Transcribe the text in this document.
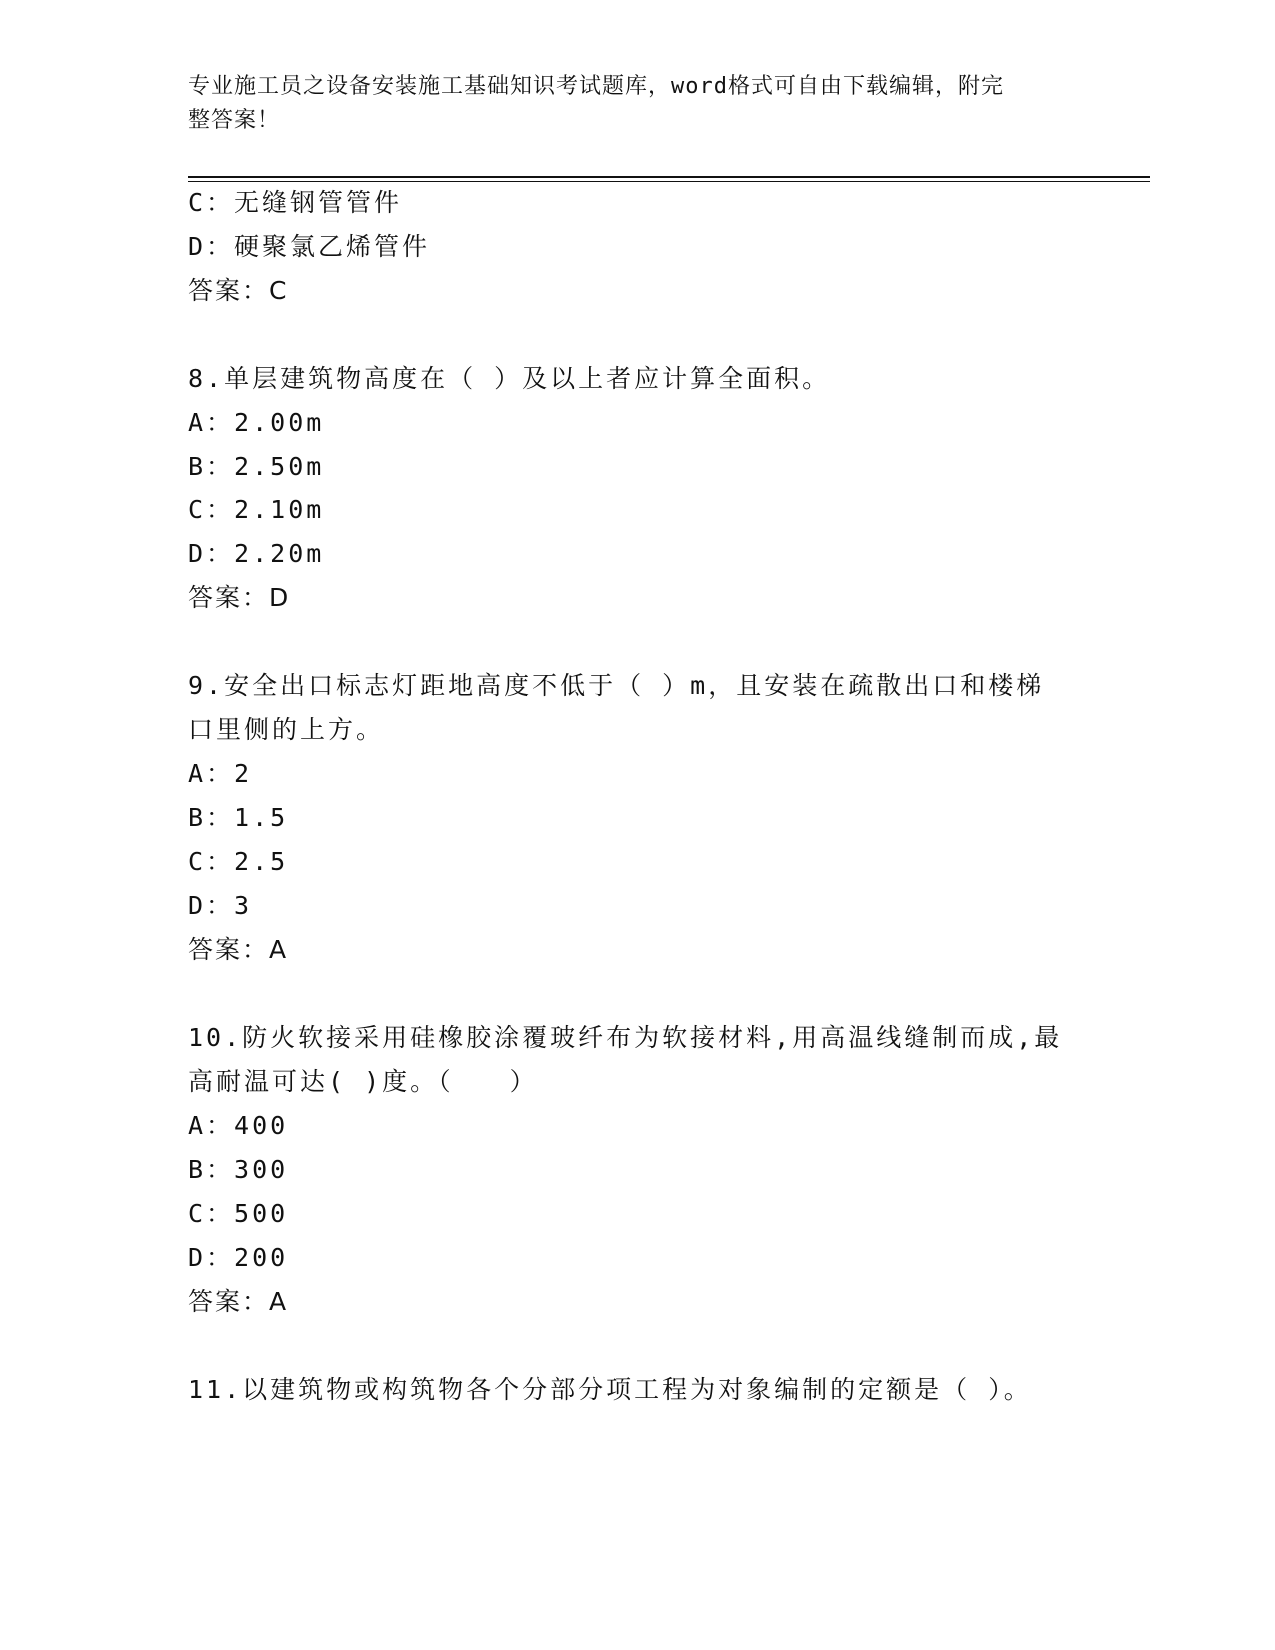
专业施工员之设备安装施工基础知识考试题库，word格式可自由下载编辑，附完
整答案！
C：无缝钢管管件
D：硬聚氯乙烯管件
答案：C
8.单层建筑物高度在（ ）及以上者应计算全面积。
A：2.00m
B：2.50m
C：2.10m
D：2.20m
答案：D
9.安全出口标志灯距地高度不低于（ ）m，且安装在疏散出口和楼梯
口里侧的上方。
A：2
B：1.5
C：2.5
D：3
答案：A
10.防火软接采用硅橡胶涂覆玻纤布为软接材料,用高温线缝制而成,最
高耐温可达( )度。（　　）
A：400
B：300
C：500
D：200
答案：A
11.以建筑物或构筑物各个分部分项工程为对象编制的定额是（ ）。
